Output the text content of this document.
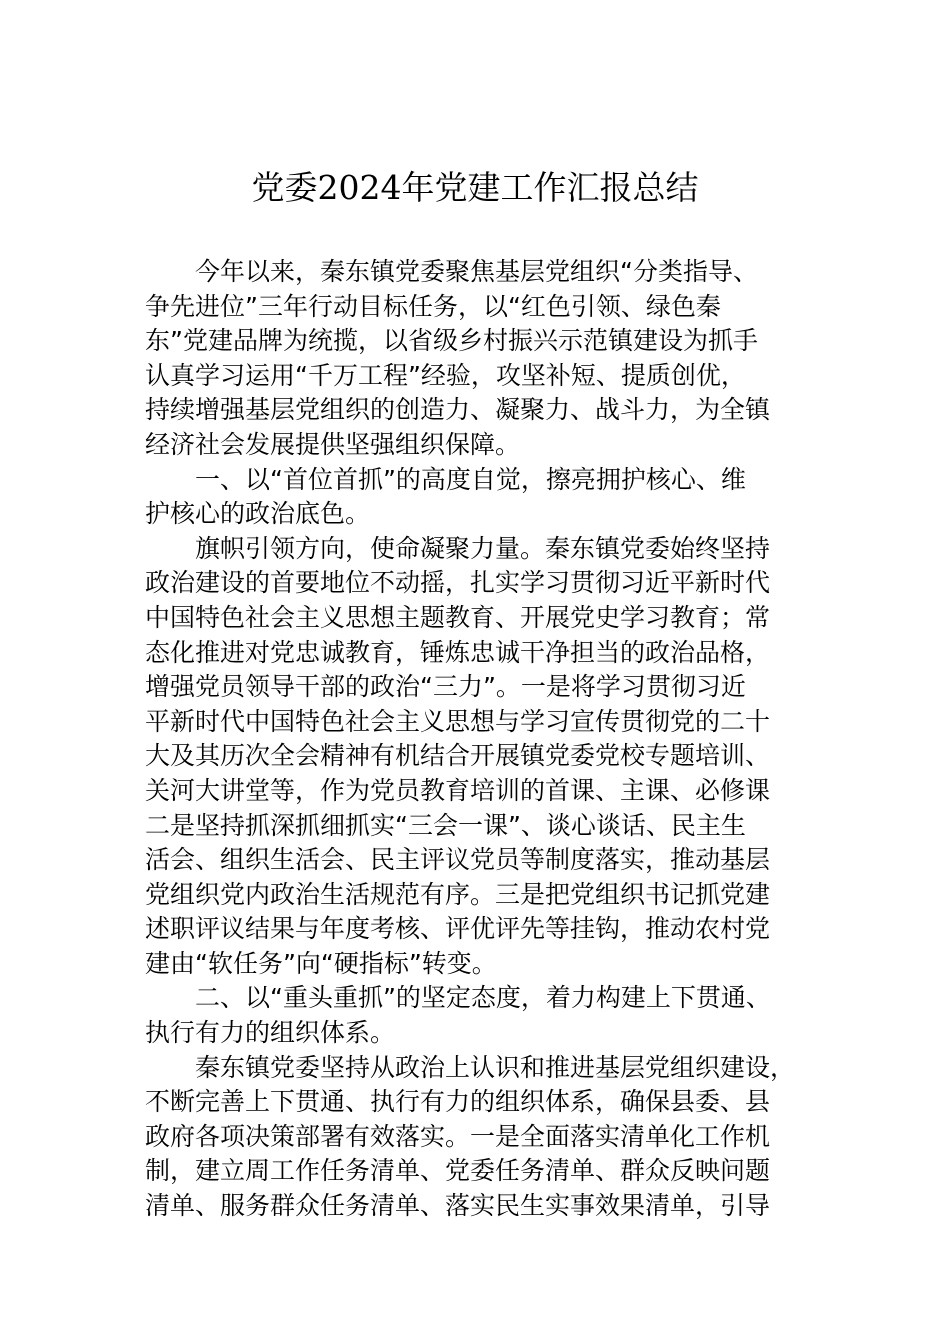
党委2024年党建工作汇报总结
今年以来，秦东镇党委聚焦基层党组织“分类指导、
争先进位”三年行动目标任务，以“红色引领、绿色秦
东”党建品牌为统揽，以省级乡村振兴示范镇建设为抓手
认真学习运用“千万工程”经验，攻坚补短、提质创优，
持续增强基层党组织的创造力、凝聚力、战斗力，为全镇
经济社会发展提供坚强组织保障。
一、以“首位首抓”的高度自觉，擦亮拥护核心、维
护核心的政治底色。
旗帜引领方向，使命凝聚力量。秦东镇党委始终坚持
政治建设的首要地位不动摇，扎实学习贯彻习近平新时代
中国特色社会主义思想主题教育、开展党史学习教育；常
态化推进对党忠诚教育，锤炼忠诚干净担当的政治品格，
增强党员领导干部的政治“三力”。一是将学习贯彻习近
平新时代中国特色社会主义思想与学习宣传贯彻党的二十
大及其历次全会精神有机结合开展镇党委党校专题培训、
关河大讲堂等，作为党员教育培训的首课、主课、必修课
二是坚持抓深抓细抓实“三会一课”、谈心谈话、民主生
活会、组织生活会、民主评议党员等制度落实，推动基层
党组织党内政治生活规范有序。三是把党组织书记抓党建
述职评议结果与年度考核、评优评先等挂钩，推动农村党
建由“软任务”向“硬指标”转变。
二、以“重头重抓”的坚定态度，着力构建上下贯通、
执行有力的组织体系。
秦东镇党委坚持从政治上认识和推进基层党组织建设，
不断完善上下贯通、执行有力的组织体系，确保县委、县
政府各项决策部署有效落实。一是全面落实清单化工作机
制，建立周工作任务清单、党委任务清单、群众反映问题
清单、服务群众任务清单、落实民生实事效果清单，引导
